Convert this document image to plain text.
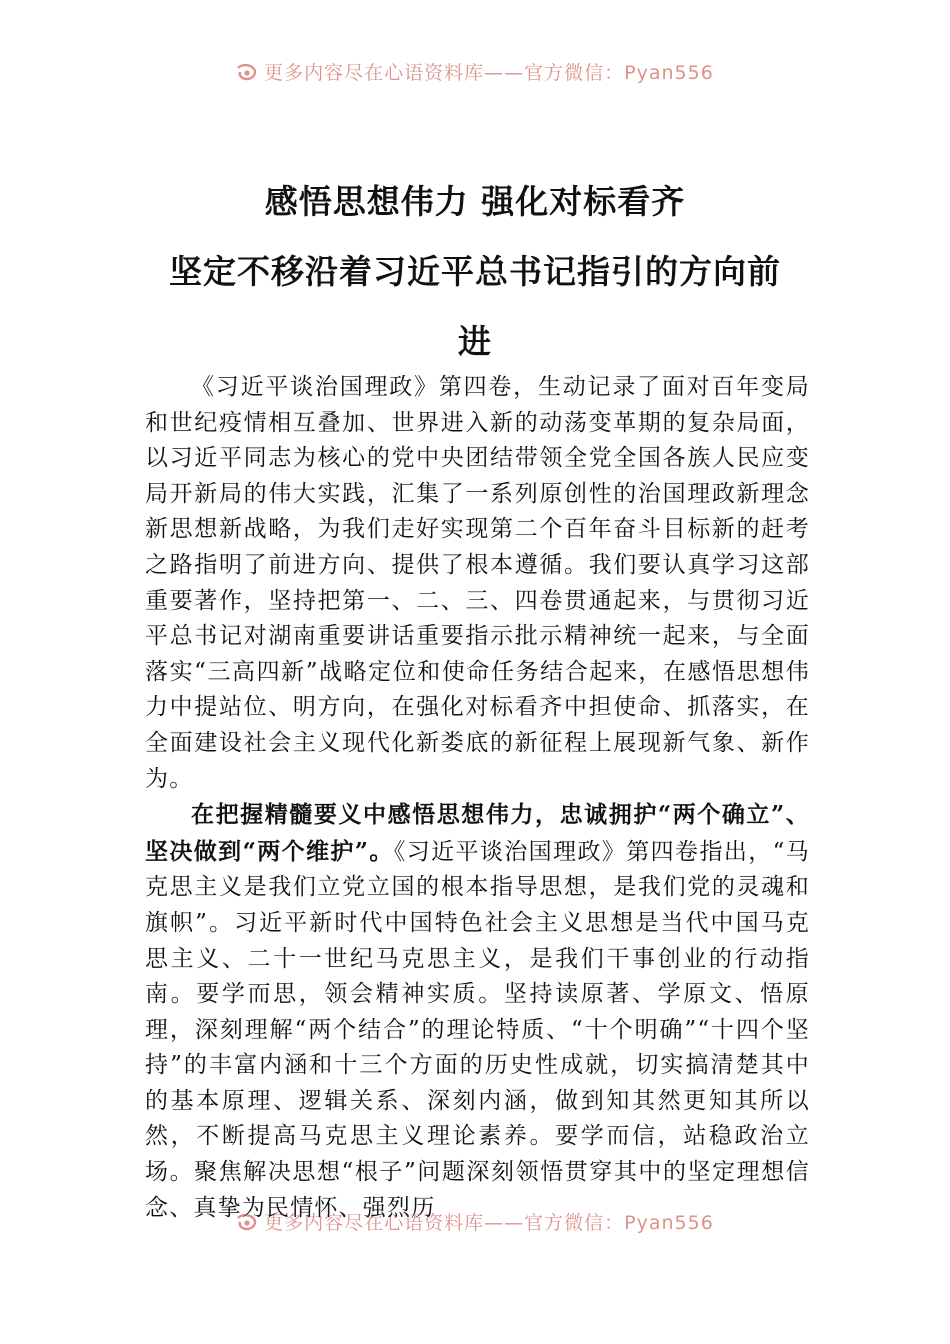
更多内容尽在心语资料库——官方微信：Pyan556
感悟思想伟力 强化对标看齐
坚定不移沿着习近平总书记指引的方向前
进

《习近平谈治国理政》第四卷，生动记录了面对百年变局和世纪疫情相互叠加、世界进入新的动荡变革期的复杂局面，以习近平同志为核心的党中央团结带领全党全国各族人民应变局开新局的伟大实践，汇集了一系列原创性的治国理政新理念新思想新战略，为我们走好实现第二个百年奋斗目标新的赶考之路指明了前进方向、提供了根本遵循。我们要认真学习这部重要著作，坚持把第一、二、三、四卷贯通起来，与贯彻习近平总书记对湖南重要讲话重要指示批示精神统一起来，与全面落实“三高四新”战略定位和使命任务结合起来，在感悟思想伟力中提站位、明方向，在强化对标看齐中担使命、抓落实，在全面建设社会主义现代化新娄底的新征程上展现新气象、新作为。

在把握精髓要义中感悟思想伟力，忠诚拥护“两个确立”、坚决做到“两个维护”。《习近平谈治国理政》第四卷指出，“马克思主义是我们立党立国的根本指导思想，是我们党的灵魂和旗帜”。习近平新时代中国特色社会主义思想是当代中国马克思主义、二十一世纪马克思主义，是我们干事创业的行动指南。要学而思，领会精神实质。坚持读原著、学原文、悟原理，深刻理解“两个结合”的理论特质、“十个明确”“十四个坚持”的丰富内涵和十三个方面的历史性成就，切实搞清楚其中的基本原理、逻辑关系、深刻内涵，做到知其然更知其所以然，不断提高马克思主义理论素养。要学而信，站稳政治立场。聚焦解决思想“根子”问题深刻领悟贯穿其中的坚定理想信念、真挚为民情怀、强烈历

更多内容尽在心语资料库——官方微信：Pyan556
